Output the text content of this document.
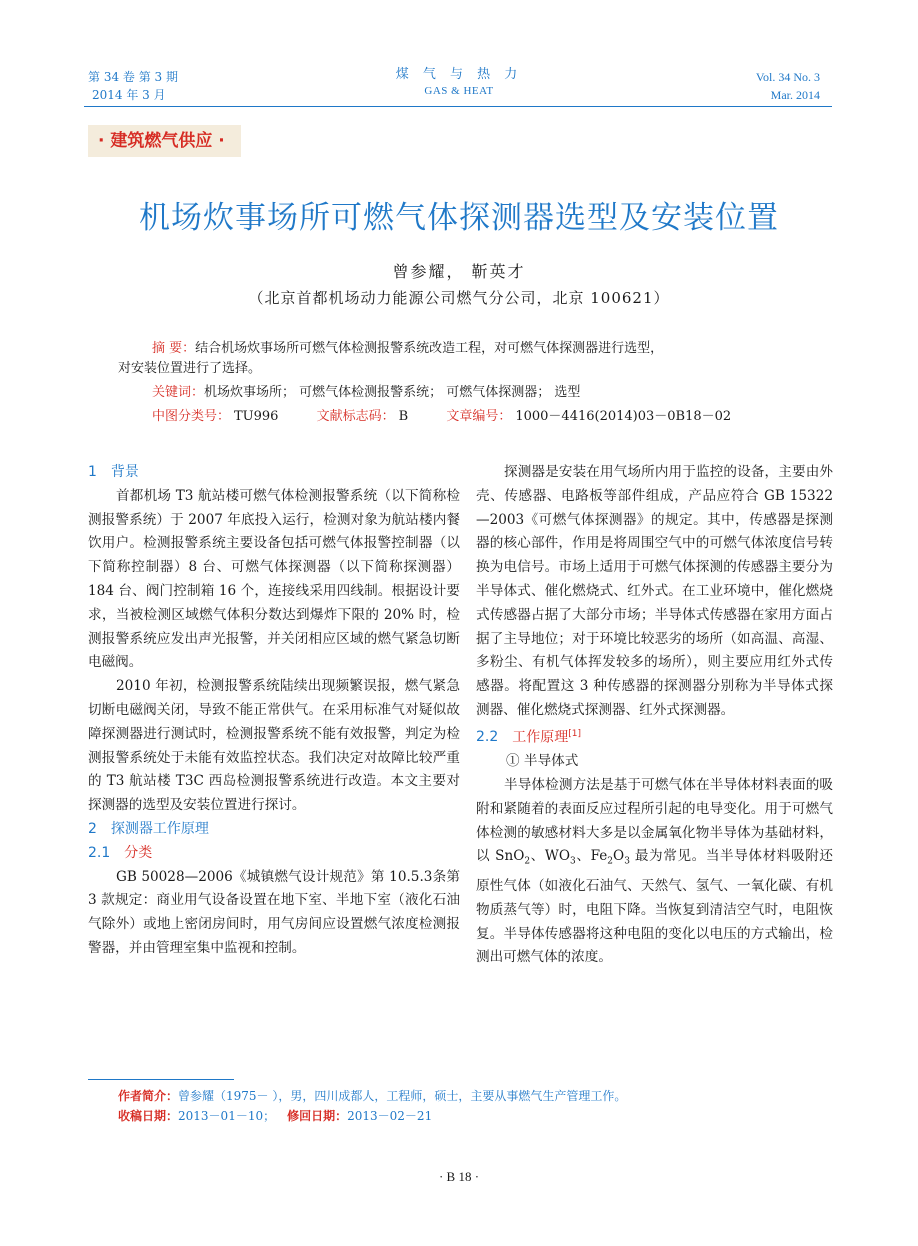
第 34 卷 第 3 期
2014 年 3 月
煤 气 与 热 力
GAS & HEAT
Vol. 34 No. 3
Mar. 2014
· 建筑燃气供应 ·
机场炊事场所可燃气体探测器选型及安装位置
曾参耀， 靳英才
（北京首都机场动力能源公司燃气分公司，北京 100621）
摘 要：结合机场炊事场所可燃气体检测报警系统改造工程，对可燃气体探测器进行选型，
对安装位置进行了选择。
关键词：机场炊事场所； 可燃气体检测报警系统； 可燃气体探测器； 选型
中图分类号： TU996	文献标志码： B	文章编号： 1000－4416(2014)03－0B18－02
1 背景

首都机场 T3 航站楼可燃气体检测报警系统（以下简称检测报警系统）于 2007 年底投入运行，检测对象为航站楼内餐饮用户。检测报警系统主要设备包括可燃气体报警控制器（以下简称控制器）8 台、可燃气体探测器（以下简称探测器）184 台、阀门控制箱 16 个，连接线采用四线制。根据设计要求，当被检测区域燃气体积分数达到爆炸下限的 20% 时，检测报警系统应发出声光报警，并关闭相应区域的燃气紧急切断电磁阀。

2010 年初，检测报警系统陆续出现频繁误报，燃气紧急切断电磁阀关闭，导致不能正常供气。在采用标准气对疑似故障探测器进行测试时，检测报警系统不能有效报警，判定为检测报警系统处于未能有效监控状态。我们决定对故障比较严重的 T3 航站楼 T3C 西岛检测报警系统进行改造。本文主要对探测器的选型及安装位置进行探讨。

2 探测器工作原理
2.1 分类

GB 50028—2006《城镇燃气设计规范》第 10.5.3条第 3 款规定：商业用气设备设置在地下室、半地下室（液化石油气除外）或地上密闭房间时，用气房间应设置燃气浓度检测报警器，并由管理室集中监视和控制。

探测器是安装在用气场所内用于监控的设备，主要由外壳、传感器、电路板等部件组成，产品应符合 GB 15322—2003《可燃气体探测器》的规定。其中，传感器是探测器的核心部件，作用是将周围空气中的可燃气体浓度信号转换为电信号。市场上适用于可燃气体探测的传感器主要分为半导体式、催化燃烧式、红外式。在工业环境中，催化燃烧式传感器占据了大部分市场；半导体式传感器在家用方面占据了主导地位；对于环境比较恶劣的场所（如高温、高湿、多粉尘、有机气体挥发较多的场所），则主要应用红外式传感器。将配置这 3 种传感器的探测器分别称为半导体式探测器、催化燃烧式探测器、红外式探测器。

2.2 工作原理[1]
① 半导体式

半导体检测方法是基于可燃气体在半导体材料表面的吸附和紧随着的表面反应过程所引起的电导变化。用于可燃气体检测的敏感材料大多是以金属氧化物半导体为基础材料，以 SnO$_2$、$WO_3$、$Fe_2O_3$ 最为常见。当半导体材料吸附还原性气体（如液化石油气、天然气、氢气、一氧化碳、有机物质蒸气等）时，电阻下降。当恢复到清洁空气时，电阻恢复。半导体传感器将这种电阻的变化以电压的方式输出，检测出可燃气体的浓度。

作者简介：曾参耀（1975－ ），男，四川成都人，工程师，硕士，主要从事燃气生产管理工作。
收稿日期：2013－01－10； 修回日期：2013－02－21
· B 18 ·
